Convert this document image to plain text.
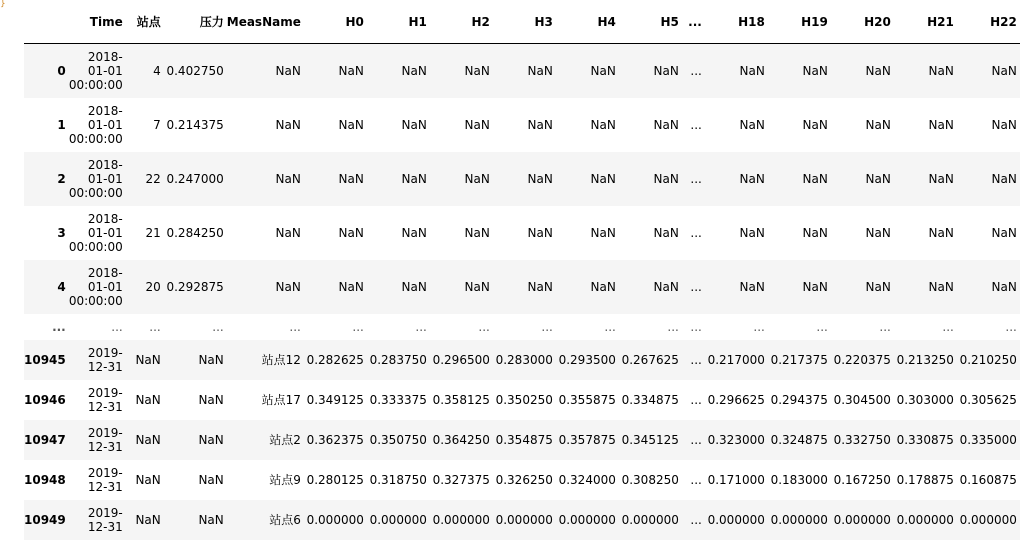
}
	Time	站点	压力	MeasName	H0	H1	H2	H3	H4	H5	...	H18	H19	H20	H21	H22
0	2018-
01-01
00:00:00	4	0.402750	NaN	NaN	NaN	NaN	NaN	NaN	NaN	...	NaN	NaN	NaN	NaN	NaN
1	2018-
01-01
00:00:00	7	0.214375	NaN	NaN	NaN	NaN	NaN	NaN	NaN	...	NaN	NaN	NaN	NaN	NaN
2	2018-
01-01
00:00:00	22	0.247000	NaN	NaN	NaN	NaN	NaN	NaN	NaN	...	NaN	NaN	NaN	NaN	NaN
3	2018-
01-01
00:00:00	21	0.284250	NaN	NaN	NaN	NaN	NaN	NaN	NaN	...	NaN	NaN	NaN	NaN	NaN
4	2018-
01-01
00:00:00	20	0.292875	NaN	NaN	NaN	NaN	NaN	NaN	NaN	...	NaN	NaN	NaN	NaN	NaN
...	...	...	...	...	...	...	...	...	...	...	...	...	...	...	...	...
10945	2019-
12-31	NaN	NaN	站点12	0.282625	0.283750	0.296500	0.283000	0.293500	0.267625	...	0.217000	0.217375	0.220375	0.213250	0.210250
10946	2019-
12-31	NaN	NaN	站点17	0.349125	0.333375	0.358125	0.350250	0.355875	0.334875	...	0.296625	0.294375	0.304500	0.303000	0.305625
10947	2019-
12-31	NaN	NaN	站点2	0.362375	0.350750	0.364250	0.354875	0.357875	0.345125	...	0.323000	0.324875	0.332750	0.330875	0.335000
10948	2019-
12-31	NaN	NaN	站点9	0.280125	0.318750	0.327375	0.326250	0.324000	0.308250	...	0.171000	0.183000	0.167250	0.178875	0.160875
10949	2019-
12-31	NaN	NaN	站点6	0.000000	0.000000	0.000000	0.000000	0.000000	0.000000	...	0.000000	0.000000	0.000000	0.000000	0.000000
